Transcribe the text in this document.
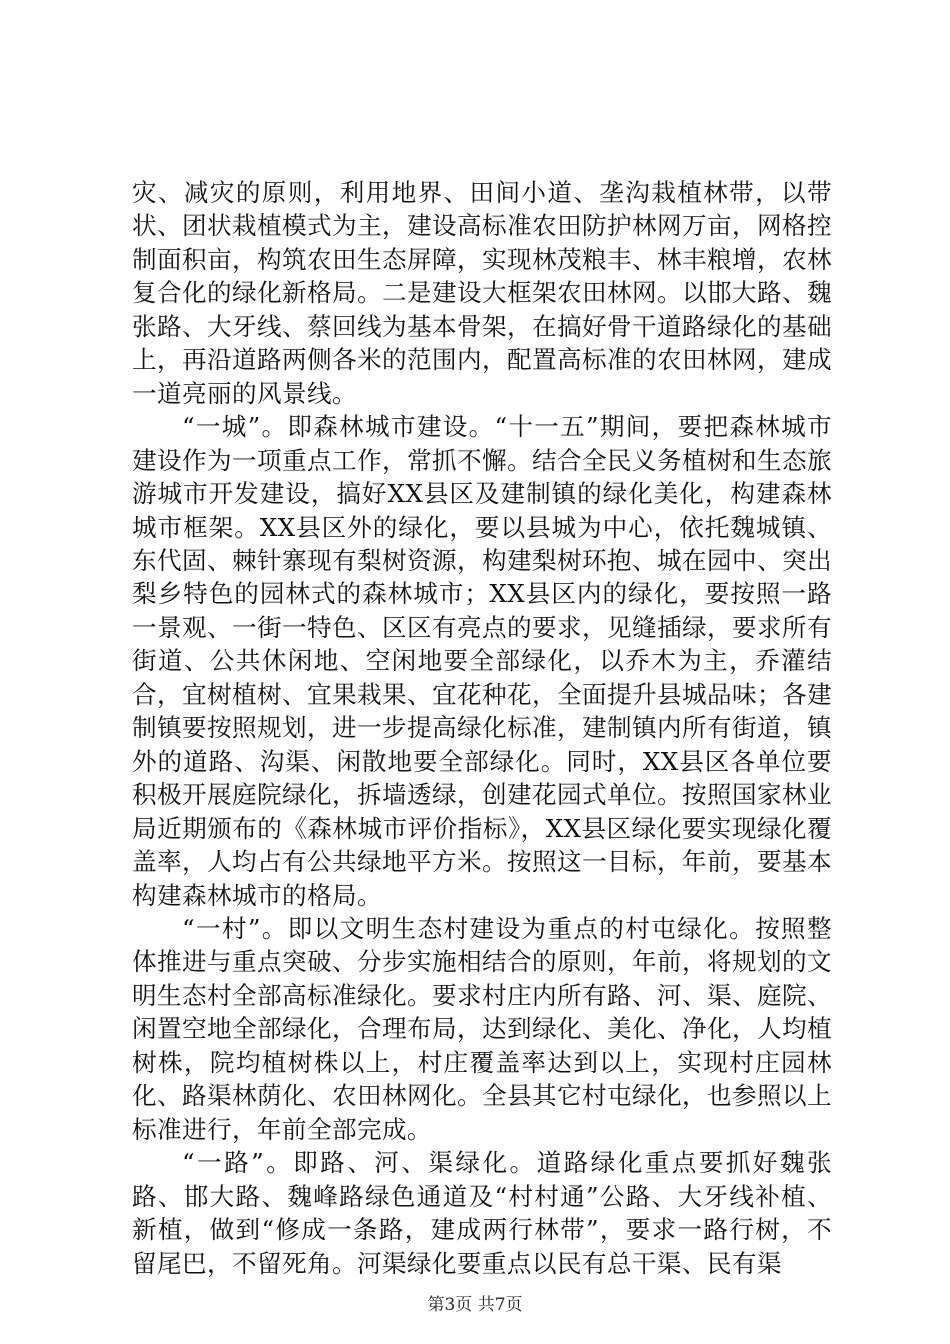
灾、减灾的原则，利用地界、田间小道、垄沟栽植林带，以带状、团状栽植模式为主，建设高标准农田防护林网万亩，网格控制面积亩，构筑农田生态屏障，实现林茂粮丰、林丰粮增，农林复合化的绿化新格局。二是建设大框架农田林网。以邯大路、魏张路、大牙线、蔡回线为基本骨架，在搞好骨干道路绿化的基础上，再沿道路两侧各米的范围内，配置高标准的农田林网，建成一道亮丽的风景线。

“一城”。即森林城市建设。“十一五”期间，要把森林城市建设作为一项重点工作，常抓不懈。结合全民义务植树和生态旅游城市开发建设，搞好XX县区及建制镇的绿化美化，构建森林城市框架。XX县区外的绿化，要以县城为中心，依托魏城镇、东代固、棘针寨现有梨树资源，构建梨树环抱、城在园中、突出梨乡特色的园林式的森林城市；XX县区内的绿化，要按照一路一景观、一街一特色、区区有亮点的要求，见缝插绿，要求所有街道、公共休闲地、空闲地要全部绿化，以乔木为主，乔灌结合，宜树植树、宜果栽果、宜花种花，全面提升县城品味；各建制镇要按照规划，进一步提高绿化标准，建制镇内所有街道，镇外的道路、沟渠、闲散地要全部绿化。同时，XX县区各单位要积极开展庭院绿化，拆墙透绿，创建花园式单位。按照国家林业局近期颁布的《森林城市评价指标》，XX县区绿化要实现绿化覆盖率，人均占有公共绿地平方米。按照这一目标，年前，要基本构建森林城市的格局。

“一村”。即以文明生态村建设为重点的村屯绿化。按照整体推进与重点突破、分步实施相结合的原则，年前，将规划的文明生态村全部高标准绿化。要求村庄内所有路、河、渠、庭院、闲置空地全部绿化，合理布局，达到绿化、美化、净化，人均植树株，院均植树株以上，村庄覆盖率达到以上，实现村庄园林化、路渠林荫化、农田林网化。全县其它村屯绿化，也参照以上标准进行，年前全部完成。

“一路”。即路、河、渠绿化。道路绿化重点要抓好魏张路、邯大路、魏峰路绿色通道及“村村通”公路、大牙线补植、新植，做到“修成一条路，建成两行林带”，要求一路行树，不留尾巴，不留死角。河渠绿化要重点以民有总干渠、民有渠

第3页 共7页
